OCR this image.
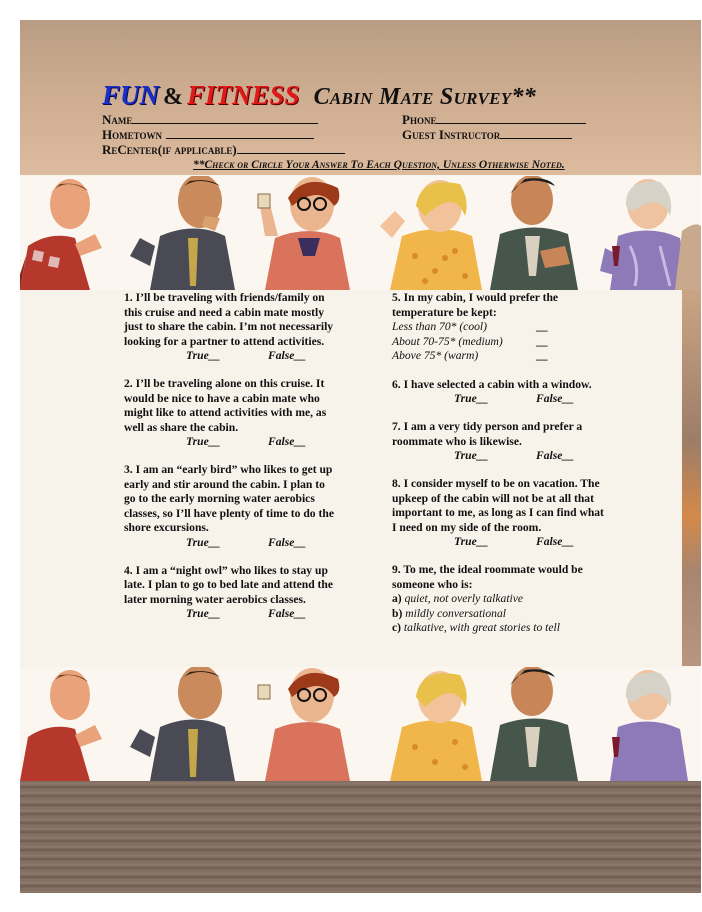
FUN & FITNESS Cabin Mate Survey**
Name	Phone
Hometown	Guest Instructor
ReCenter(if applicable)
**Check or Circle Your Answer To Each Question, Unless Otherwise Noted.

1. I’ll be traveling with friends/family on this cruise and need a cabin mate mostly just to share the cabin. I’m not necessarily looking for a partner to attend activities.

True__	False__

2. I’ll be traveling alone on this cruise. It would be nice to have a cabin mate who might like to attend activities with me, as well as share the cabin.

True__	False__

3. I am an “early bird” who likes to get up early and stir around the cabin. I plan to go to the early morning water aerobics classes, so I’ll have plenty of time to do the shore excursions.

True__	False__

4. I am a “night owl” who likes to stay up late. I plan to go to bed late and attend the later morning water aerobics classes.

True__	False__

5. In my cabin, I would prefer the temperature be kept:

Less than 70* (cool)	__
About 70-75* (medium)	__
Above 75* (warm)	__

6. I have selected a cabin with a window.

True__	False__

7. I am a very tidy person and prefer a roommate who is likewise.

True__	False__

8. I consider myself to be on vacation. The upkeep of the cabin will not be at all that important to me, as long as I can find what I need on my side of the room.

True__	False__

9. To me, the ideal roommate would be someone who is:

a) quiet, not overly talkative
b) mildly conversational
c) talkative, with great stories to tell
